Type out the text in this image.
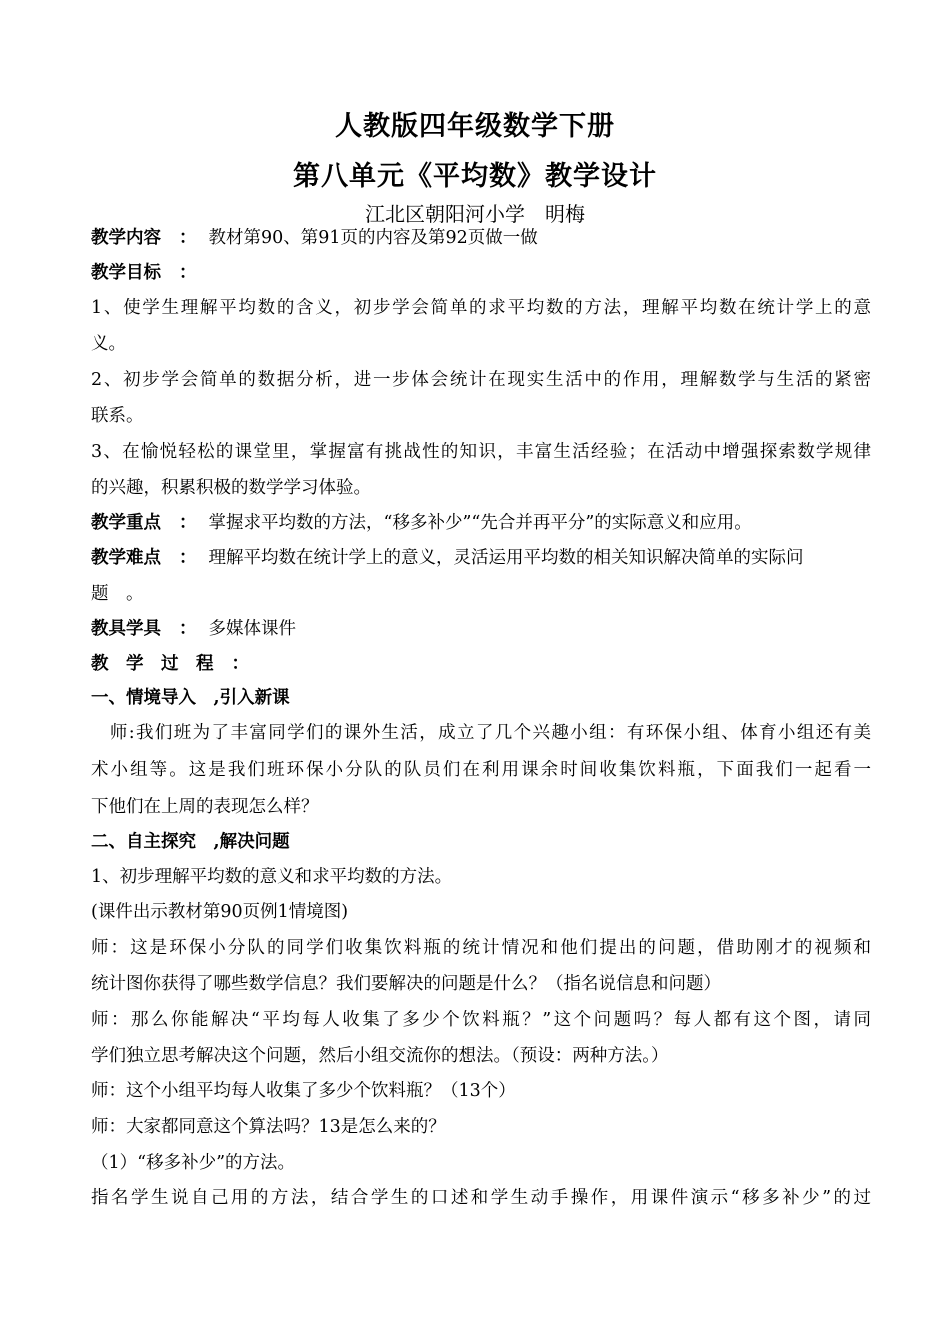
人教版四年级数学下册
第八单元《平均数》教学设计
江北区朝阳河小学　明梅
教学内容 ： 教材第90、第91页的内容及第92页做一做
教学目标 ：
1、使学生理解平均数的含义，初步学会简单的求平均数的方法，理解平均数在统计学上的意
义。
2、初步学会简单的数据分析，进一步体会统计在现实生活中的作用，理解数学与生活的紧密
联系。
3、在愉悦轻松的课堂里，掌握富有挑战性的知识，丰富生活经验；在活动中增强探索数学规律
的兴趣，积累积极的数学学习体验。
教学重点 ： 掌握求平均数的方法，“移多补少”“先合并再平分”的实际意义和应用。
教学难点 ： 理解平均数在统计学上的意义，灵活运用平均数的相关知识解决简单的实际问
题　。
教具学具 ： 多媒体课件
教　学　过　程 ：
一、情境导入　,引入新课
　师:我们班为了丰富同学们的课外生活，成立了几个兴趣小组：有环保小组、体育小组还有美
术小组等。这是我们班环保小分队的队员们在利用课余时间收集饮料瓶，下面我们一起看一
下他们在上周的表现怎么样？
二、自主探究　,解决问题
1、初步理解平均数的意义和求平均数的方法。
(课件出示教材第90页例1情境图)
师：这是环保小分队的同学们收集饮料瓶的统计情况和他们提出的问题，借助刚才的视频和
统计图你获得了哪些数学信息？我们要解决的问题是什么？（指名说信息和问题）
师：那么你能解决“平均每人收集了多少个饮料瓶？”这个问题吗？每人都有这个图，请同
学们独立思考解决这个问题，然后小组交流你的想法。（预设：两种方法。）
师：这个小组平均每人收集了多少个饮料瓶？（13个）
师：大家都同意这个算法吗？13是怎么来的？
（1）“移多补少”的方法。
指名学生说自己用的方法，结合学生的口述和学生动手操作，用课件演示“移多补少”的过
